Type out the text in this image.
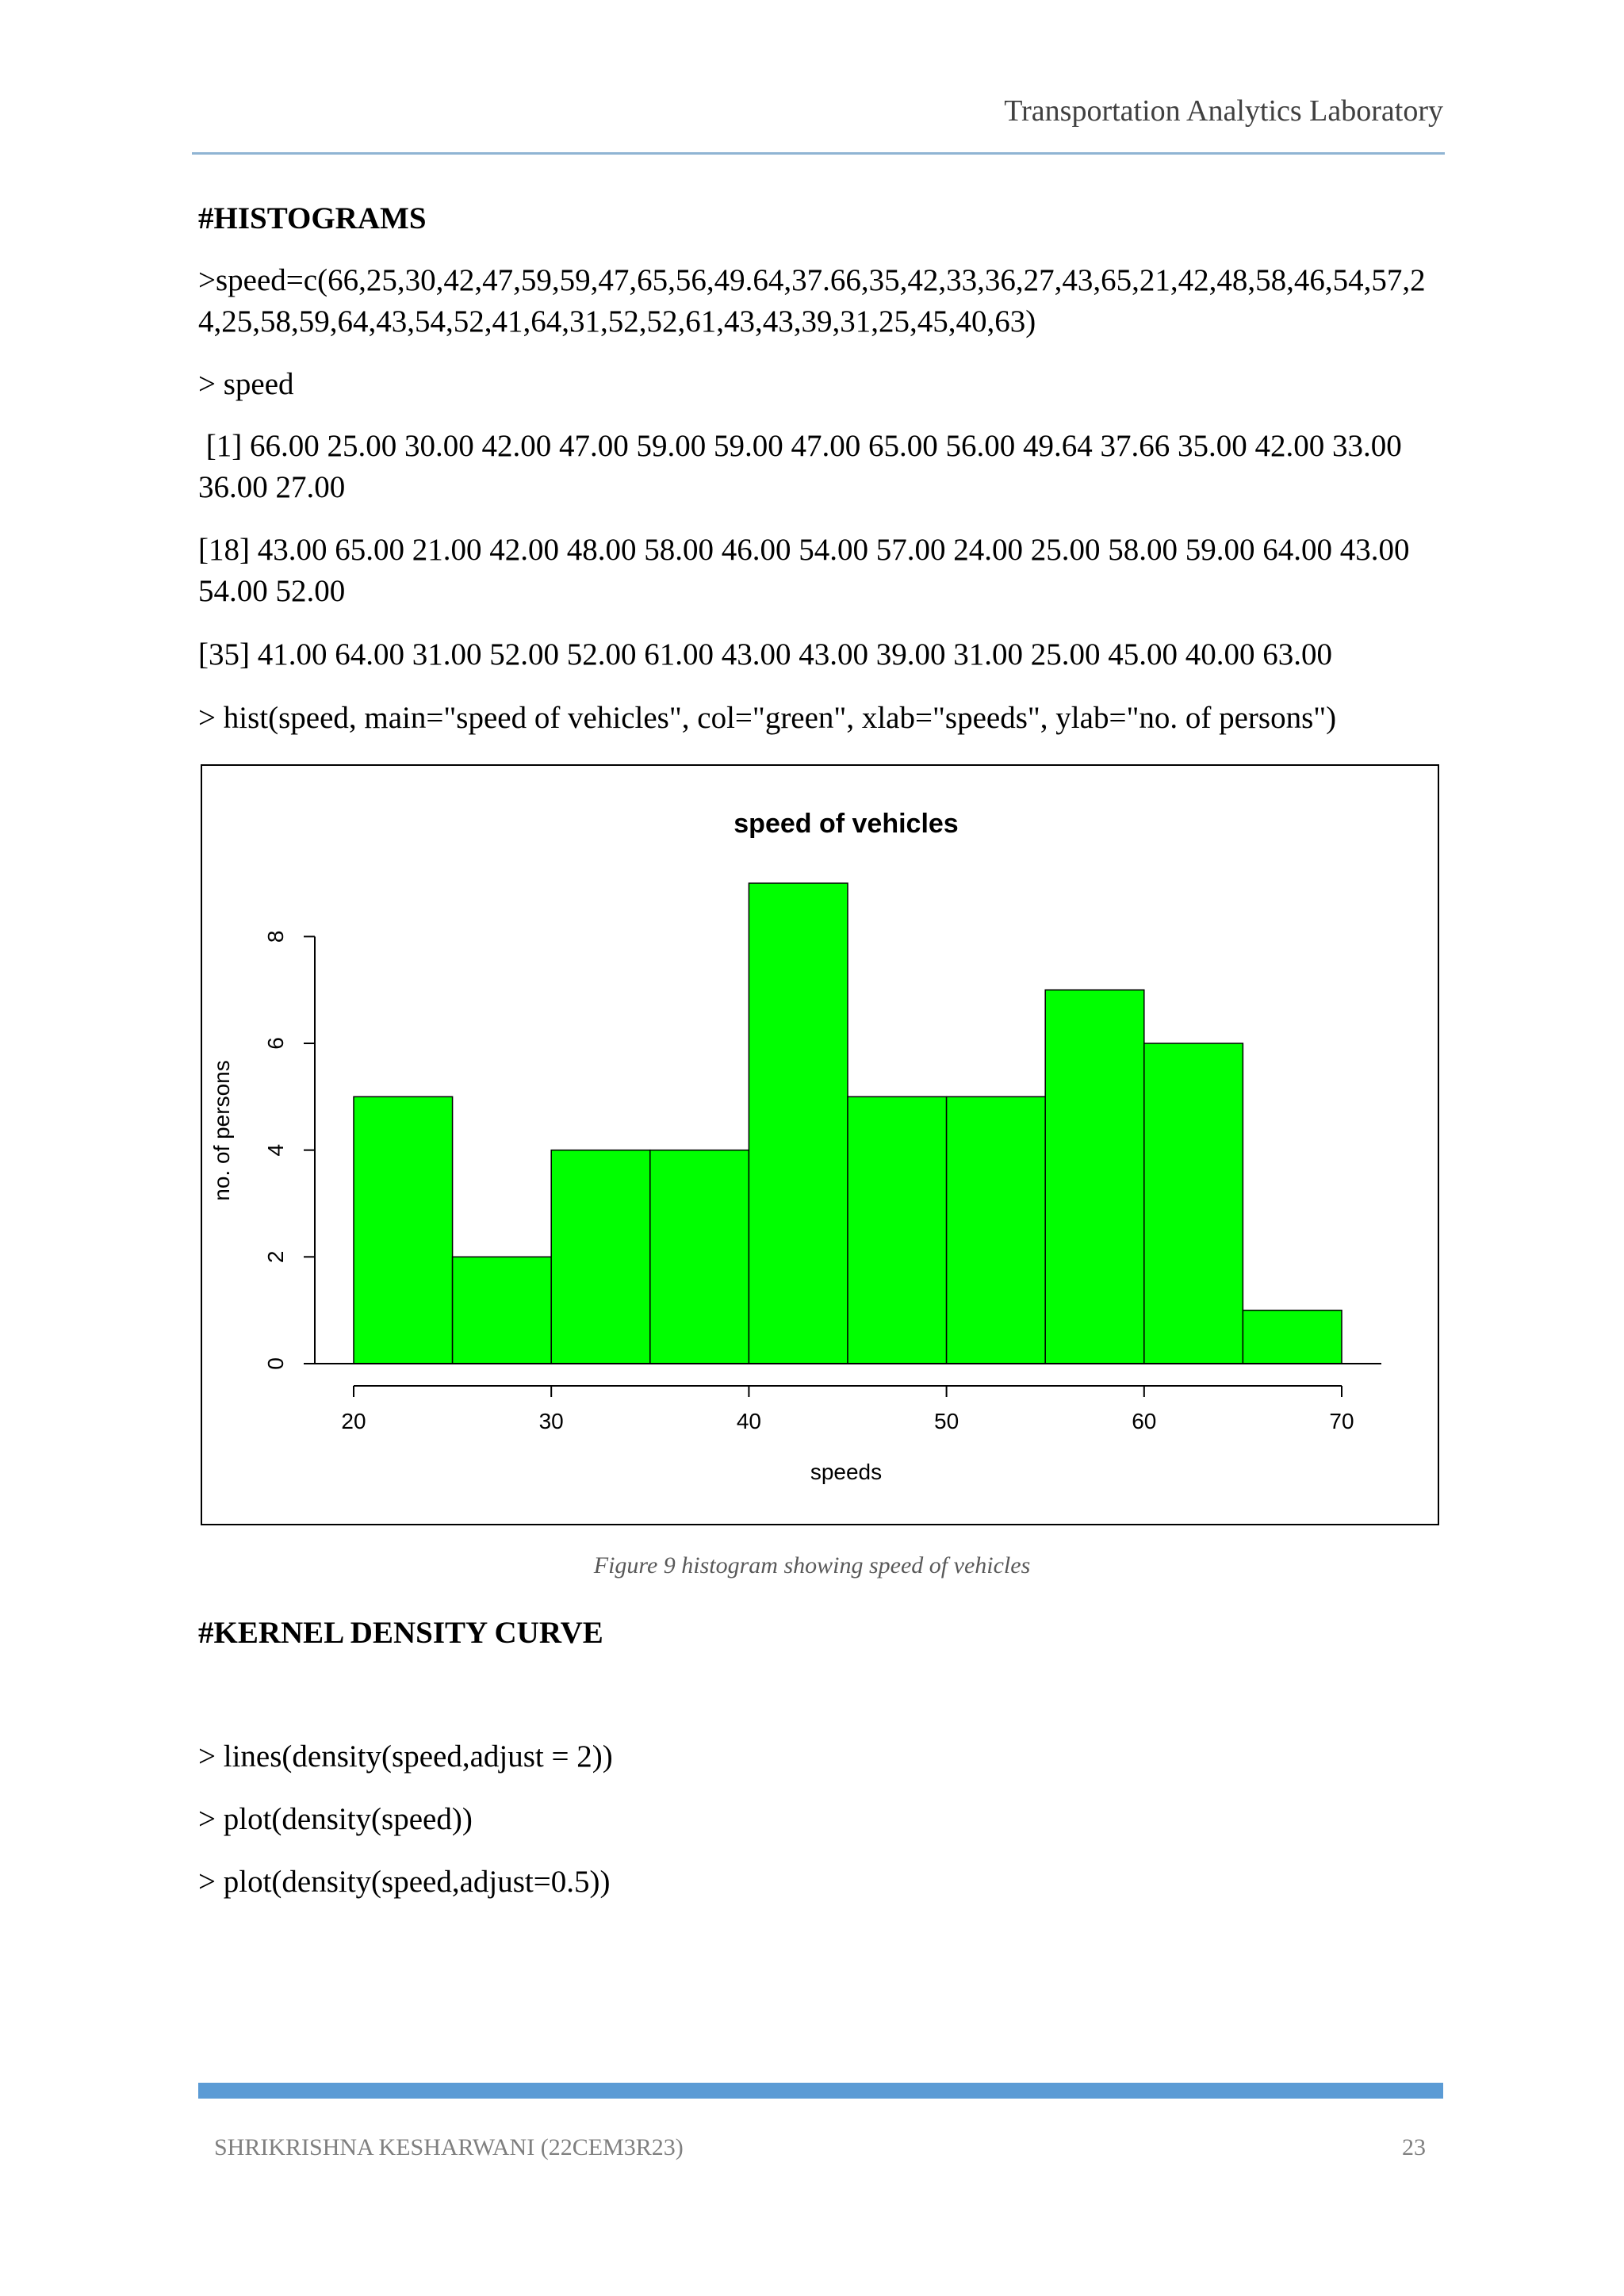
Transportation Analytics Laboratory
#HISTOGRAMS
>speed=c(66,25,30,42,47,59,59,47,65,56,49.64,37.66,35,42,33,36,27,43,65,21,42,48,58,46,54,57,24,25,58,59,64,43,54,52,41,64,31,52,52,61,43,43,39,31,25,45,40,63)
> speed
[1] 66.00 25.00 30.00 42.00 47.00 59.00 59.00 47.00 65.00 56.00 49.64 37.66 35.00 42.00 33.00 36.00 27.00
[18] 43.00 65.00 21.00 42.00 48.00 58.00 46.00 54.00 57.00 24.00 25.00 58.00 59.00 64.00 43.00 54.00 52.00
[35] 41.00 64.00 31.00 52.00 52.00 61.00 43.00 43.00 39.00 31.00 25.00 45.00 40.00 63.00
> hist(speed, main="speed of vehicles", col="green", xlab="speeds", ylab="no. of persons")
#KERNEL DENSITY CURVE
> lines(density(speed,adjust = 2))
> plot(density(speed))
> plot(density(speed,adjust=0.5))
speed of vehicles
20	30	40	50	60	70
0
2
4
6
8
speeds
no. of persons
Figure 9 histogram showing speed of vehicles
SHRIKRISHNA KESHARWANI (22CEM3R23)	23
